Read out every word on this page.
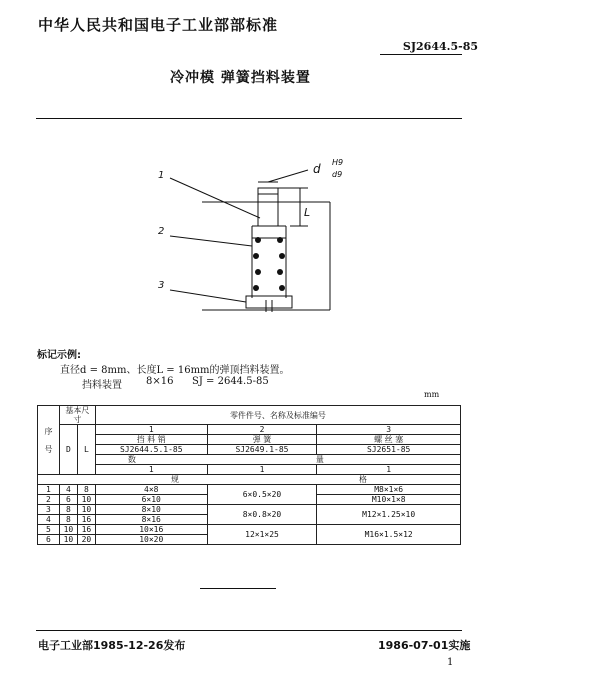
中华人民共和国电子工业部部标准
SJ2644.5-85
冷冲模 弹簧挡料装置
1
2
3
d H9
d9
L
标记示例:
直径d = 8mm、长度L = 16mm的弹顶挡料装置。
挡料装置 8×16 SJ = 2644.5-85
mm
序

号	基本尺寸		零件件号、名称及标准编号		
	D	L	1	2	3
			挡 料 销	弹 簧	螺 丝 塞
			SJ2644.5.1-85	SJ2649.1-85	SJ2651-85
			数 量		
			1	1	1
规 格					
1	4	8	4×8	6×0.5×20	M8×1×6
2	6	10	6×10		M10×1×8
3	8	10	8×10	8×0.8×20	M12×1.25×10
4	8	16	8×16		
5	10	16	10×16	12×1×25	M16×1.5×12
6	10	20	10×20		
电子工业部1985-12-26发布	1986-07-01实施
1
